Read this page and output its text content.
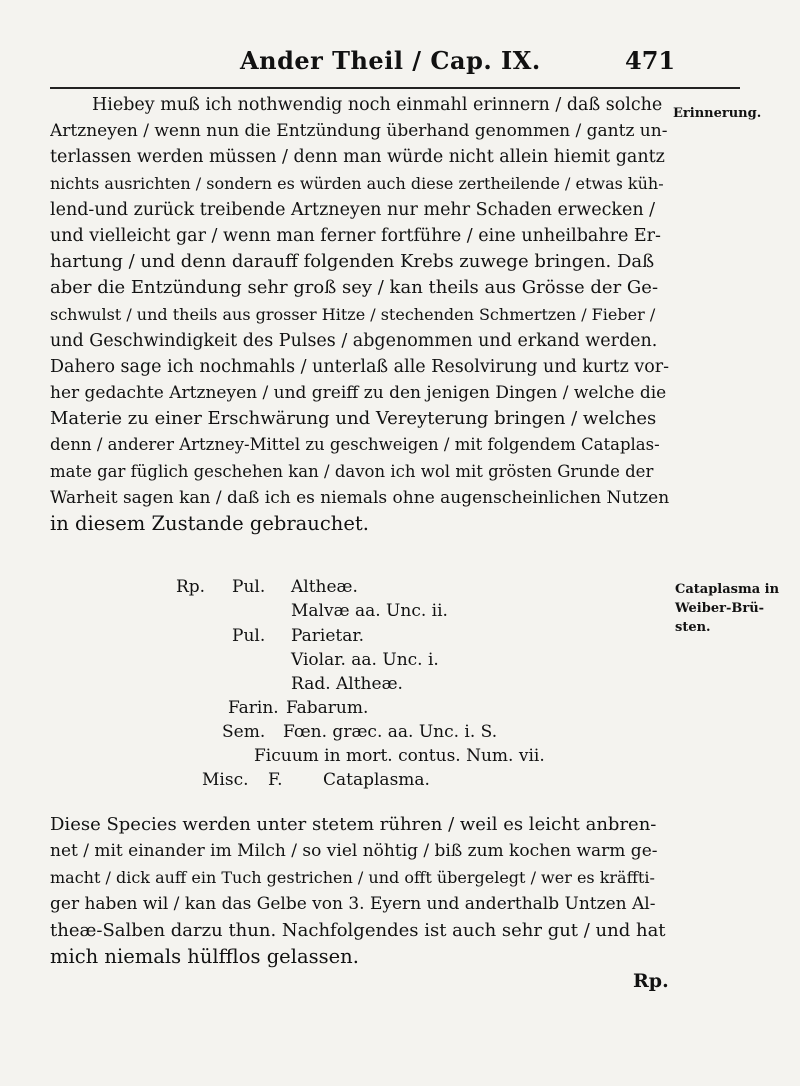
Ander Theil / Cap. IX.	471
Erinnerung.
Hiebey muß ich nothwendig noch einmahl erinnern / daß solche
Artzneyen / wenn nun die Entzündung überhand genommen / gantz un-
terlassen werden müssen / denn man würde nicht allein hiemit gantz
nichts ausrichten / sondern es würden auch diese zertheilende / etwas küh-
lend-und zurück treibende Artzneyen nur mehr Schaden erwecken /
und vielleicht gar / wenn man ferner fortführe / eine unheilbahre Er-
hartung / und denn darauff folgenden Krebs zuwege bringen. Daß
aber die Entzündung sehr groß sey / kan theils aus Grösse der Ge-
schwulst / und theils aus grosser Hitze / stechenden Schmertzen / Fieber /
und Geschwindigkeit des Pulses / abgenommen und erkand werden.
Dahero sage ich nochmahls / unterlaß alle Resolvirung und kurtz vor-
her gedachte Artzneyen / und greiff zu den jenigen Dingen / welche die
Materie zu einer Erschwärung und Vereyterung bringen / welches
denn / anderer Artzney-Mittel zu geschweigen / mit folgendem Cataplas-
mate gar füglich geschehen kan / davon ich wol mit grösten Grunde der
Warheit sagen kan / daß ich es niemals ohne augenscheinlichen Nutzen
in diesem Zustande gebrauchet.
Cataplasma in Weiber-Brü-sten.
Rp. Pul. Altheæ.
Malvæ aa. Unc. ii.
Pul. Parietar.
Violar. aa. Unc. i.
Rad. Altheæ.
Farin. Fabarum.
Sem. Fœn. græc. aa. Unc. i. S.
Ficuum in mort. contus. Num. vii.
Misc. F. Cataplasma.
Diese Species werden unter stetem rühren / weil es leicht anbren-
net / mit einander im Milch / so viel nöhtig / biß zum kochen warm ge-
macht / dick auff ein Tuch gestrichen / und offt übergelegt / wer es kräffti-
ger haben wil / kan das Gelbe von 3. Eyern und anderthalb Untzen Al-
theæ-Salben darzu thun. Nachfolgendes ist auch sehr gut / und hat
mich niemals hülfflos gelassen.
Rp.
